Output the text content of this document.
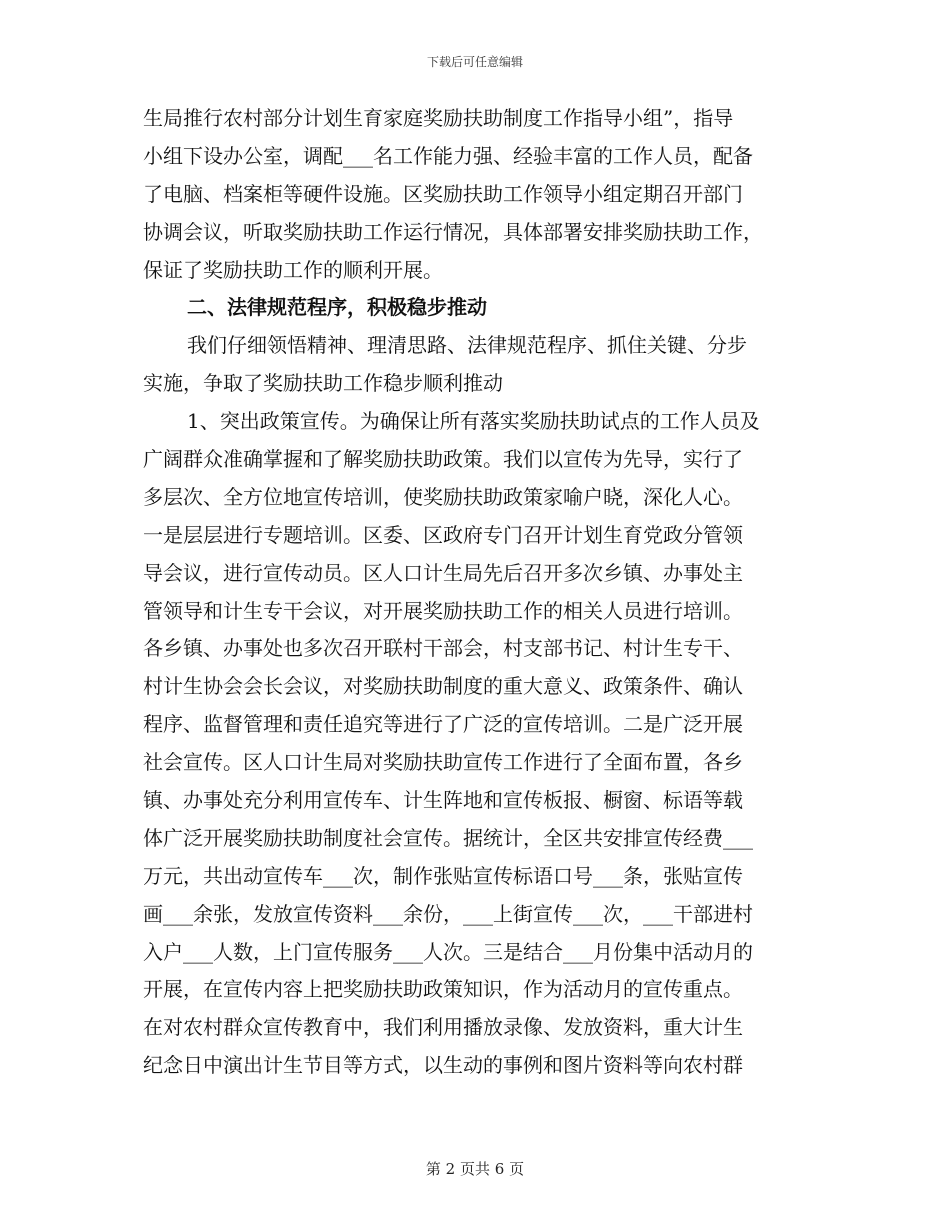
下载后可任意编辑
生局推行农村部分计划生育家庭奖励扶助制度工作指导小组”，指导
小组下设办公室，调配___名工作能力强、经验丰富的工作人员，配备
了电脑、档案柜等硬件设施。区奖励扶助工作领导小组定期召开部门
协调会议，听取奖励扶助工作运行情况，具体部署安排奖励扶助工作，
保证了奖励扶助工作的顺利开展。
二、法律规范程序，积极稳步推动
我们仔细领悟精神、理清思路、法律规范程序、抓住关键、分步
实施，争取了奖励扶助工作稳步顺利推动
1、突出政策宣传。为确保让所有落实奖励扶助试点的工作人员及
广阔群众准确掌握和了解奖励扶助政策。我们以宣传为先导，实行了
多层次、全方位地宣传培训，使奖励扶助政策家喻户晓，深化人心。
一是层层进行专题培训。区委、区政府专门召开计划生育党政分管领
导会议，进行宣传动员。区人口计生局先后召开多次乡镇、办事处主
管领导和计生专干会议，对开展奖励扶助工作的相关人员进行培训。
各乡镇、办事处也多次召开联村干部会，村支部书记、村计生专干、
村计生协会会长会议，对奖励扶助制度的重大意义、政策条件、确认
程序、监督管理和责任追究等进行了广泛的宣传培训。二是广泛开展
社会宣传。区人口计生局对奖励扶助宣传工作进行了全面布置，各乡
镇、办事处充分利用宣传车、计生阵地和宣传板报、橱窗、标语等载
体广泛开展奖励扶助制度社会宣传。据统计，全区共安排宣传经费___
万元，共出动宣传车___次，制作张贴宣传标语口号___条，张贴宣传
画___余张，发放宣传资料___余份，___上街宣传___次，___干部进村
入户___人数，上门宣传服务___人次。三是结合___月份集中活动月的
开展，在宣传内容上把奖励扶助政策知识，作为活动月的宣传重点。
在对农村群众宣传教育中，我们利用播放录像、发放资料，重大计生
纪念日中演出计生节目等方式，以生动的事例和图片资料等向农村群
第 2 页共 6 页
